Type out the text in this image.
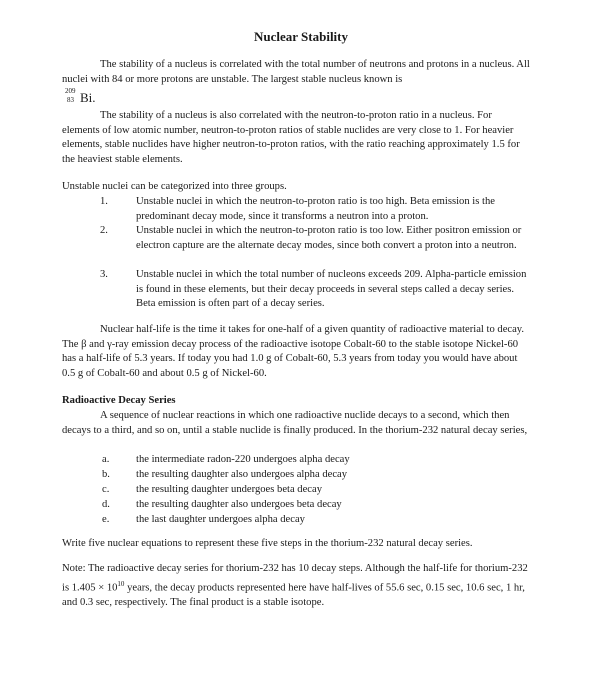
Nuclear Stability

The stability of a nucleus is correlated with the total number of neutrons and protons in a nucleus. All nuclei with 84 or more protons are unstable. The largest stable nucleus known is

209
83 Bi.

The stability of a nucleus is also correlated with the neutron-to-proton ratio in a nucleus. For elements of low atomic number, neutron-to-proton ratios of stable nuclides are very close to 1. For heavier elements, stable nuclides have higher neutron-to-proton ratios, with the ratio reaching approximately 1.5 for the heaviest stable elements.

Unstable nuclei can be categorized into three groups.

1.	Unstable nuclei in which the neutron-to-proton ratio is too high. Beta emission is the predominant decay mode, since it transforms a neutron into a proton.
2.	Unstable nuclei in which the neutron-to-proton ratio is too low. Either positron emission or electron capture are the alternate decay modes, since both convert a proton into a neutron.
3.	Unstable nuclei in which the total number of nucleons exceeds 209. Alpha-particle emission is found in these elements, but their decay proceeds in several steps called a decay series. Beta emission is often part of a decay series.

Nuclear half-life is the time it takes for one-half of a given quantity of radioactive material to decay. The β and γ-ray emission decay process of the radioactive isotope Cobalt-60 to the stable isotope Nickel-60 has a half-life of 5.3 years. If today you had 1.0 g of Cobalt-60, 5.3 years from today you would have about 0.5 g of Cobalt-60 and about 0.5 g of Nickel-60.

Radioactive Decay Series

A sequence of nuclear reactions in which one radioactive nuclide decays to a second, which then decays to a third, and so on, until a stable nuclide is finally produced. In the thorium-232 natural decay series,

a.	the intermediate radon-220 undergoes alpha decay
b. the resulting daughter also undergoes alpha decay
c.	the resulting daughter undergoes beta decay
d. the resulting daughter also undergoes beta decay
e.	the last daughter undergoes alpha decay

Write five nuclear equations to represent these five steps in the thorium-232 natural decay series.

Note: The radioactive decay series for thorium-232 has 10 decay steps. Although the half-life for thorium-232 is $1.405 \times 10^{10}$ years, the decay products represented here have half-lives of 55.6 sec, 0.15 sec, 10.6 sec, 1 hr, and 0.3 sec, respectively. The final product is a stable isotope.
